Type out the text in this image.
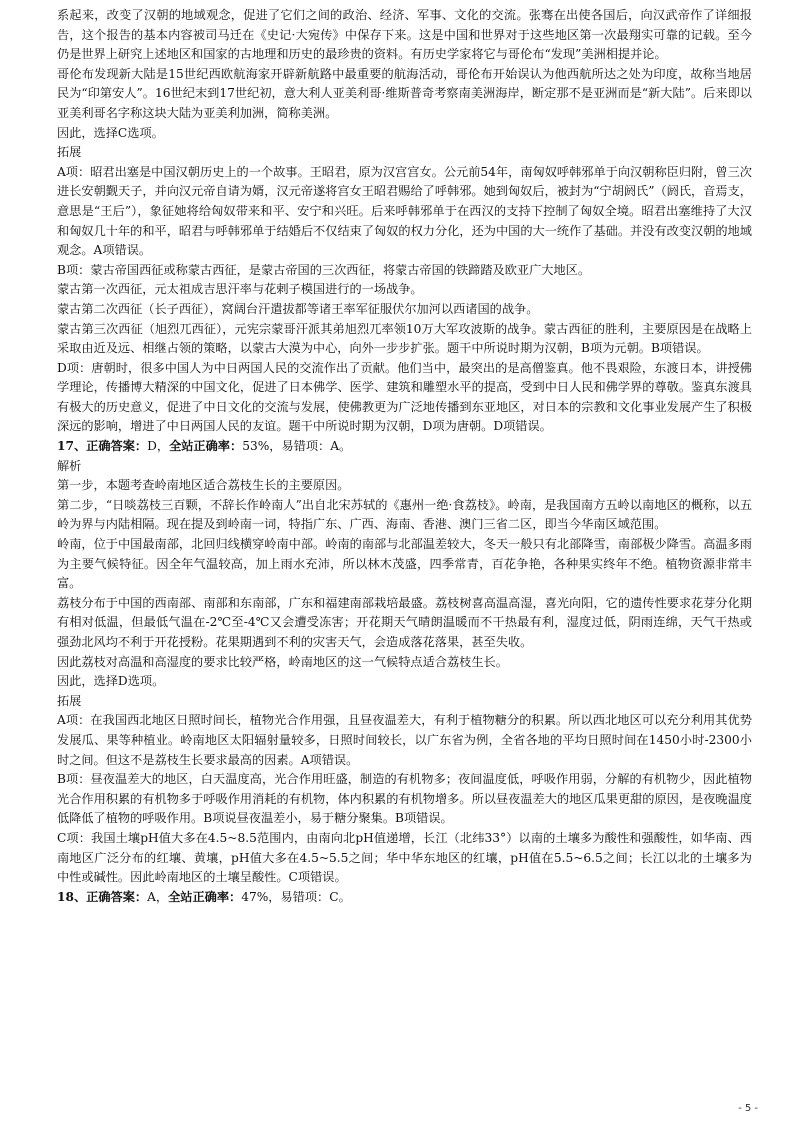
系起来，改变了汉朝的地域观念，促进了它们之间的政治、经济、军事、文化的交流。张骞在出使各国后，向汉武帝作了详细报告，这个报告的基本内容被司马迁在《史记·大宛传》中保存下来。这是中国和世界对于这些地区第一次最翔实可靠的记载。至今仍是世界上研究上述地区和国家的古地理和历史的最珍贵的资料。有历史学家将它与哥伦布“发现”美洲相提并论。

哥伦布发现新大陆是15世纪西欧航海家开辟新航路中最重要的航海活动，哥伦布开始误认为他西航所达之处为印度，故称当地居民为“印第安人”。16世纪末到17世纪初，意大利人亚美利哥·维斯普奇考察南美洲海岸，断定那不是亚洲而是“新大陆”。后来即以亚美利哥名字称这块大陆为亚美利加洲，简称美洲。

因此，选择C选项。

拓展

A项：昭君出塞是中国汉朝历史上的一个故事。王昭君，原为汉宫宫女。公元前54年，南匈奴呼韩邪单于向汉朝称臣归附，曾三次进长安朝觐天子，并向汉元帝自请为婿，汉元帝遂将宫女王昭君赐给了呼韩邪。她到匈奴后，被封为“宁胡阏氏”（阏氏，音焉支，意思是“王后”），象征她将给匈奴带来和平、安宁和兴旺。后来呼韩邪单于在西汉的支持下控制了匈奴全境。昭君出塞维持了大汉和匈奴几十年的和平，昭君与呼韩邪单于结婚后不仅结束了匈奴的权力分化，还为中国的大一统作了基础。并没有改变汉朝的地域观念。A项错误。

B项：蒙古帝国西征或称蒙古西征，是蒙古帝国的三次西征，将蒙古帝国的铁蹄踏及欧亚广大地区。

蒙古第一次西征，元太祖成吉思汗率与花剌子模国进行的一场战争。

蒙古第二次西征（长子西征），窝阔台汗遣拔都等诸王率军征服伏尔加河以西诸国的战争。

蒙古第三次西征（旭烈兀西征），元宪宗蒙哥汗派其弟旭烈兀率领10万大军攻波斯的战争。蒙古西征的胜利，主要原因是在战略上采取由近及远、相继占领的策略，以蒙古大漠为中心，向外一步步扩张。题干中所说时期为汉朝，B项为元朝。B项错误。

D项：唐朝时，很多中国人为中日两国人民的交流作出了贡献。他们当中，最突出的是高僧鉴真。他不畏艰险，东渡日本，讲授佛学理论，传播博大精深的中国文化，促进了日本佛学、医学、建筑和雕塑水平的提高，受到中日人民和佛学界的尊敬。鉴真东渡具有极大的历史意义，促进了中日文化的交流与发展，使佛教更为广泛地传播到东亚地区，对日本的宗教和文化事业发展产生了积极深远的影响，增进了中日两国人民的友谊。题干中所说时期为汉朝，D项为唐朝。D项错误。

17、正确答案：D，全站正确率：53%，易错项：A。

解析

第一步，本题考查岭南地区适合荔枝生长的主要原因。

第二步，“日啖荔枝三百颗，不辞长作岭南人”出自北宋苏轼的《惠州一绝·食荔枝》。岭南，是我国南方五岭以南地区的概称，以五岭为界与内陆相隔。现在提及到岭南一词，特指广东、广西、海南、香港、澳门三省二区，即当今华南区域范围。

岭南，位于中国最南部，北回归线横穿岭南中部。岭南的南部与北部温差较大，冬天一般只有北部降雪，南部极少降雪。高温多雨为主要气候特征。因全年气温较高，加上雨水充沛，所以林木茂盛，四季常青，百花争艳，各种果实终年不绝。植物资源非常丰富。

荔枝分布于中国的西南部、南部和东南部，广东和福建南部栽培最盛。荔枝树喜高温高湿，喜光向阳，它的遗传性要求花芽分化期有相对低温，但最低气温在-2℃至-4℃又会遭受冻害；开花期天气晴朗温暖而不干热最有利，湿度过低，阴雨连绵，天气干热或强劲北风均不利于开花授粉。花果期遇到不利的灾害天气，会造成落花落果，甚至失收。

因此荔枝对高温和高湿度的要求比较严格，岭南地区的这一气候特点适合荔枝生长。

因此，选择D选项。

拓展

A项：在我国西北地区日照时间长，植物光合作用强，且昼夜温差大，有利于植物糖分的积累。所以西北地区可以充分利用其优势发展瓜、果等种植业。岭南地区太阳辐射量较多，日照时间较长，以广东省为例，全省各地的平均日照时间在1450小时-2300小时之间。但这不是荔枝生长要求最高的因素。A项错误。

B项：昼夜温差大的地区，白天温度高，光合作用旺盛，制造的有机物多；夜间温度低，呼吸作用弱，分解的有机物少，因此植物光合作用积累的有机物多于呼吸作用消耗的有机物，体内积累的有机物增多。所以昼夜温差大的地区瓜果更甜的原因，是夜晚温度低降低了植物的呼吸作用。B项说昼夜温差小，易于糖分聚集。B项错误。

C项：我国土壤pH值大多在4.5~8.5范围内，由南向北pH值递增，长江（北纬33°）以南的土壤多为酸性和强酸性，如华南、西南地区广泛分布的红壤、黄壤，pH值大多在4.5~5.5之间；华中华东地区的红壤，pH值在5.5~6.5之间；长江以北的土壤多为中性或碱性。因此岭南地区的土壤呈酸性。C项错误。

18、正确答案：A，全站正确率：47%，易错项：C。

- 5 -
